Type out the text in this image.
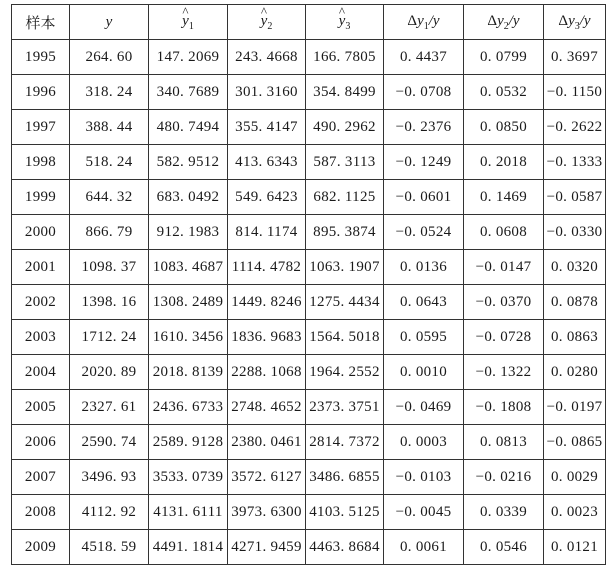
样本	y	^ $y_1$	^ $y_2$	^ $y_3$	$\Delta y_1/y$	$\Delta y_2/y$	$\Delta y_3/y$
1995	264. 60	147. 2069	243. 4668	166. 7805	0. 4437	0. 0799	0. 3697
1996	318. 24	340. 7689	301. 3160	354. 8499	−0. 0708	0. 0532	−0. 1150
1997	388. 44	480. 7494	355. 4147	490. 2962	−0. 2376	0. 0850	−0. 2622
1998	518. 24	582. 9512	413. 6343	587. 3113	−0. 1249	0. 2018	−0. 1333
1999	644. 32	683. 0492	549. 6423	682. 1125	−0. 0601	0. 1469	−0. 0587
2000	866. 79	912. 1983	814. 1174	895. 3874	−0. 0524	0. 0608	−0. 0330
2001	1098. 37	1083. 4687	1114. 4782	1063. 1907	0. 0136	−0. 0147	0. 0320
2002	1398. 16	1308. 2489	1449. 8246	1275. 4434	0. 0643	−0. 0370	0. 0878
2003	1712. 24	1610. 3456	1836. 9683	1564. 5018	0. 0595	−0. 0728	0. 0863
2004	2020. 89	2018. 8139	2288. 1068	1964. 2552	0. 0010	−0. 1322	0. 0280
2005	2327. 61	2436. 6733	2748. 4652	2373. 3751	−0. 0469	−0. 1808	−0. 0197
2006	2590. 74	2589. 9128	2380. 0461	2814. 7372	0. 0003	0. 0813	−0. 0865
2007	3496. 93	3533. 0739	3572. 6127	3486. 6855	−0. 0103	−0. 0216	0. 0029
2008	4112. 92	4131. 6111	3973. 6300	4103. 5125	−0. 0045	0. 0339	0. 0023
2009	4518. 59	4491. 1814	4271. 9459	4463. 8684	0. 0061	0. 0546	0. 0121
